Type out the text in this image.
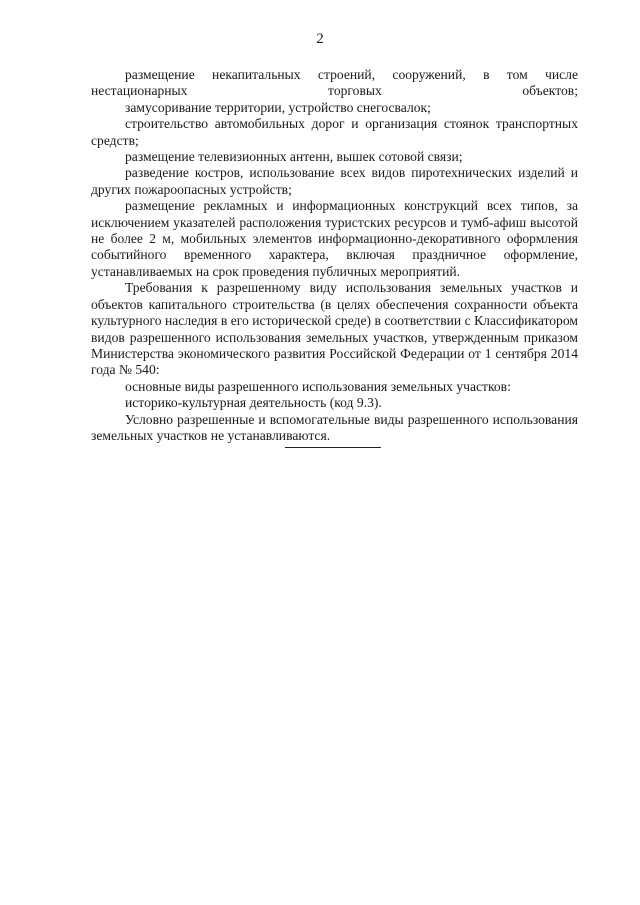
2

размещение некапитальных строений, сооружений, в том числе нестационарных торговых объектов;

замусоривание территории, устройство снегосвалок;

строительство автомобильных дорог и организация стоянок транспортных средств;

размещение телевизионных антенн, вышек сотовой связи;

разведение костров, использование всех видов пиротехнических изделий и других пожароопасных устройств;

размещение рекламных и информационных конструкций всех типов, за исключением указателей расположения туристских ресурсов и тумб-афиш высотой не более 2 м, мобильных элементов информационно-декоративного оформления событийного временного характера, включая праздничное оформление, устанавливаемых на срок проведения публичных мероприятий.

Требования к разрешенному виду использования земельных участков и объектов капитального строительства (в целях обеспечения сохранности объекта культурного наследия в его исторической среде) в соответствии с Классификатором видов разрешенного использования земельных участков, утвержденным приказом Министерства экономического развития Российской Федерации от 1 сентября 2014 года № 540:

основные виды разрешенного использования земельных участков:

историко-культурная деятельность (код 9.3).

Условно разрешенные и вспомогательные виды разрешенного использования земельных участков не устанавливаются.
